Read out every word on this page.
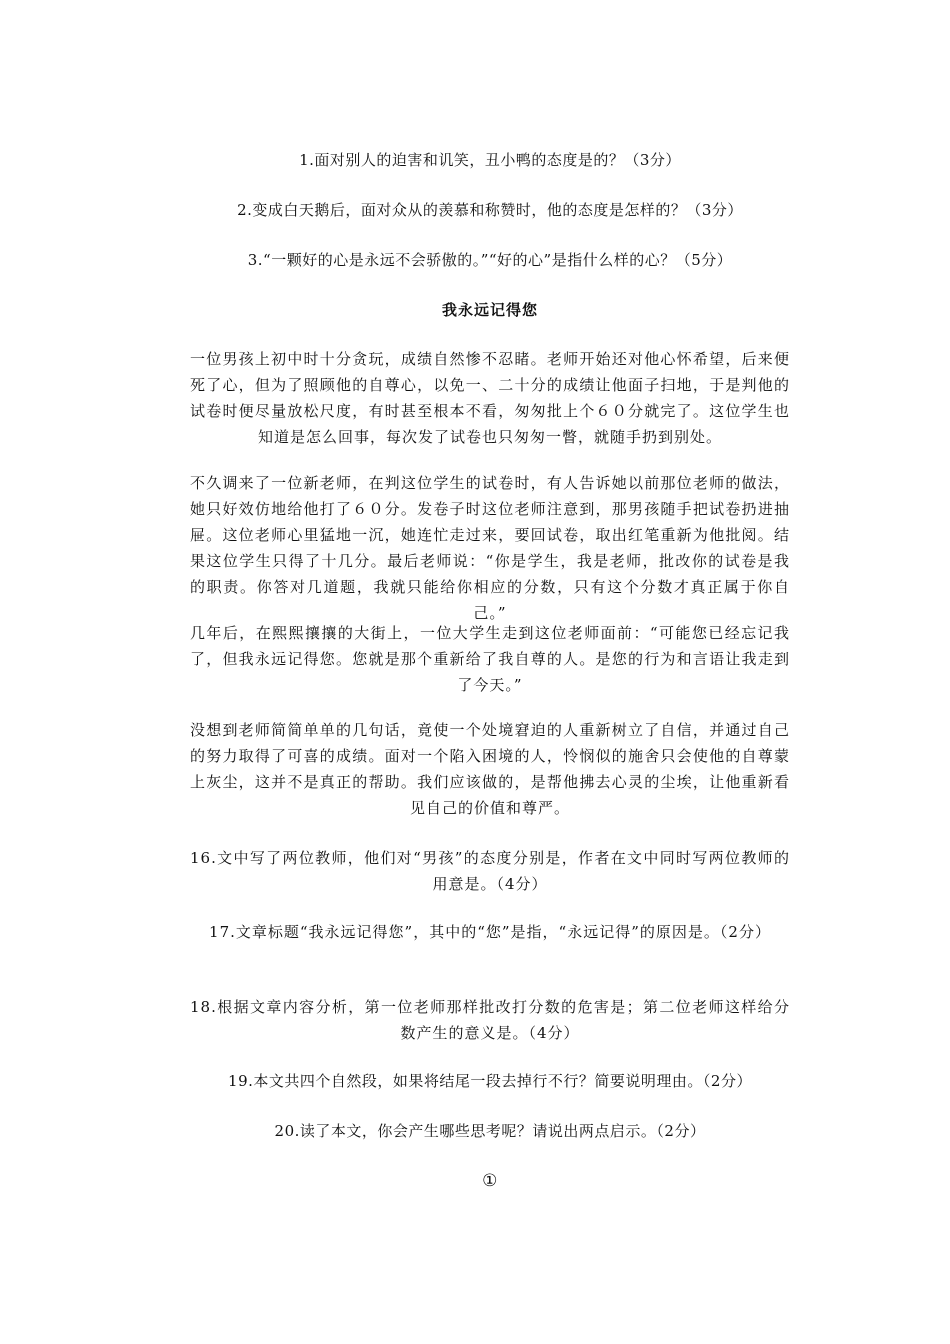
1.面对别人的迫害和讥笑，丑小鸭的态度是的？（3分）

2.变成白天鹅后，面对众从的羡慕和称赞时，他的态度是怎样的？（3分）

3.“一颗好的心是永远不会骄傲的。”“好的心”是指什么样的心？（5分）

我永远记得您

一位男孩上初中时十分贪玩，成绩自然惨不忍睹。老师开始还对他心怀希望，后来便死了心，但为了照顾他的自尊心，以免一、二十分的成绩让他面子扫地，于是判他的试卷时便尽量放松尺度，有时甚至根本不看，匆匆批上个６０分就完了。这位学生也知道是怎么回事，每次发了试卷也只匆匆一瞥，就随手扔到别处。

不久调来了一位新老师，在判这位学生的试卷时，有人告诉她以前那位老师的做法，她只好效仿地给他打了６０分。发卷子时这位老师注意到，那男孩随手把试卷扔进抽屉。这位老师心里猛地一沉，她连忙走过来，要回试卷，取出红笔重新为他批阅。结果这位学生只得了十几分。最后老师说：“你是学生，我是老师，批改你的试卷是我的职责。你答对几道题，我就只能给你相应的分数，只有这个分数才真正属于你自己。”

几年后，在熙熙攘攘的大街上，一位大学生走到这位老师面前：“可能您已经忘记我了，但我永远记得您。您就是那个重新给了我自尊的人。是您的行为和言语让我走到了今天。”

没想到老师简简单单的几句话，竟使一个处境窘迫的人重新树立了自信，并通过自己的努力取得了可喜的成绩。面对一个陷入困境的人，怜悯似的施舍只会使他的自尊蒙上灰尘，这并不是真正的帮助。我们应该做的，是帮他拂去心灵的尘埃，让他重新看见自己的价值和尊严。

16.文中写了两位教师，他们对“男孩”的态度分别是，作者在文中同时写两位教师的用意是。（4分）

17.文章标题“我永远记得您”，其中的“您”是指，“永远记得”的原因是。（2分）

18.根据文章内容分析，第一位老师那样批改打分数的危害是；第二位老师这样给分数产生的意义是。（4分）

19.本文共四个自然段，如果将结尾一段去掉行不行？简要说明理由。（2分）

20.读了本文，你会产生哪些思考呢？请说出两点启示。（2分）

①
